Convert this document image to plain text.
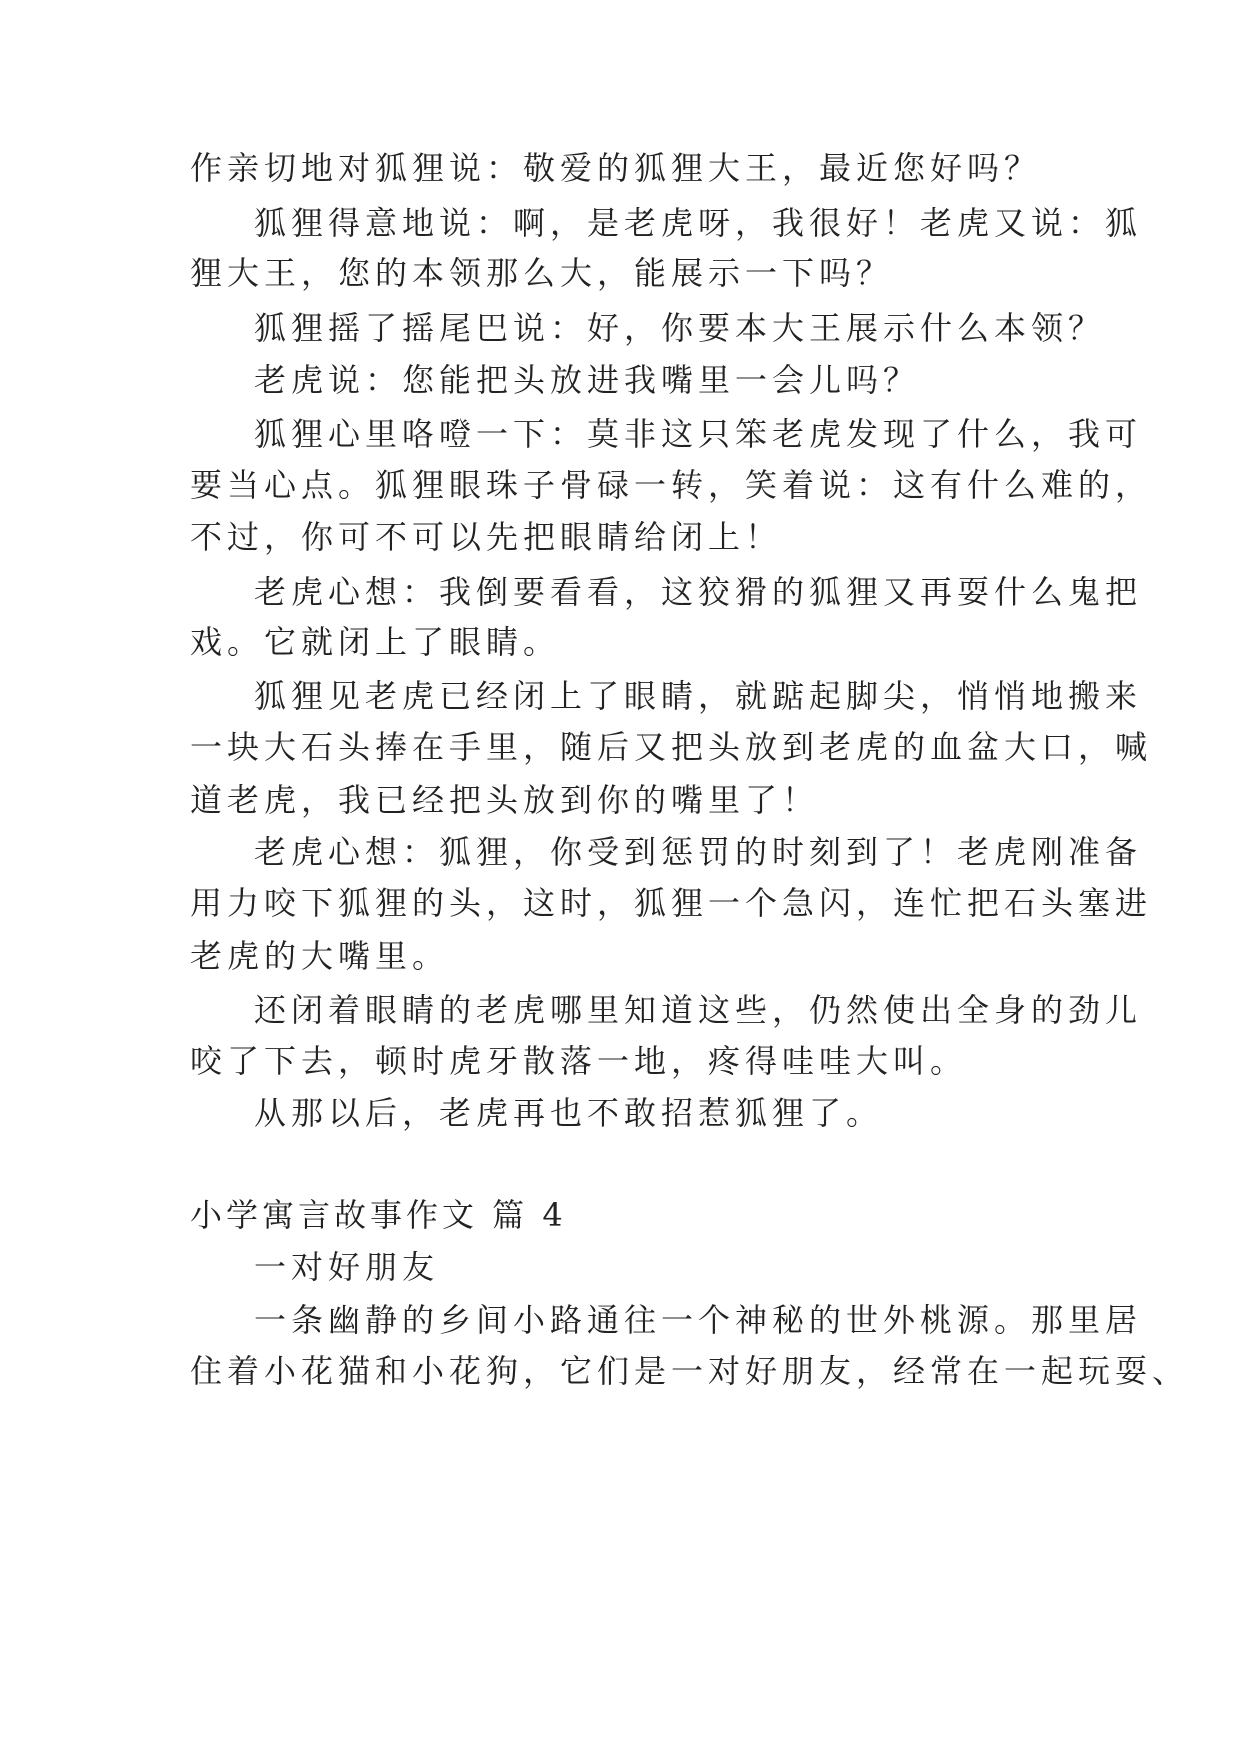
作亲切地对狐狸说：敬爱的狐狸大王，最近您好吗？
狐狸得意地说：啊，是老虎呀，我很好！老虎又说：狐
狸大王，您的本领那么大，能展示一下吗？
狐狸摇了摇尾巴说：好，你要本大王展示什么本领？
老虎说：您能把头放进我嘴里一会儿吗？
狐狸心里咯噔一下：莫非这只笨老虎发现了什么，我可
要当心点。狐狸眼珠子骨碌一转，笑着说：这有什么难的，
不过，你可不可以先把眼睛给闭上！
老虎心想：我倒要看看，这狡猾的狐狸又再耍什么鬼把
戏。它就闭上了眼睛。
狐狸见老虎已经闭上了眼睛，就踮起脚尖，悄悄地搬来
一块大石头捧在手里，随后又把头放到老虎的血盆大口，喊
道老虎，我已经把头放到你的嘴里了！
老虎心想：狐狸，你受到惩罚的时刻到了！老虎刚准备
用力咬下狐狸的头，这时，狐狸一个急闪，连忙把石头塞进
老虎的大嘴里。
还闭着眼睛的老虎哪里知道这些，仍然使出全身的劲儿
咬了下去，顿时虎牙散落一地，疼得哇哇大叫。
从那以后，老虎再也不敢招惹狐狸了。
小学寓言故事作文 篇 4
一对好朋友
一条幽静的乡间小路通往一个神秘的世外桃源。那里居
住着小花猫和小花狗，它们是一对好朋友，经常在一起玩耍、
